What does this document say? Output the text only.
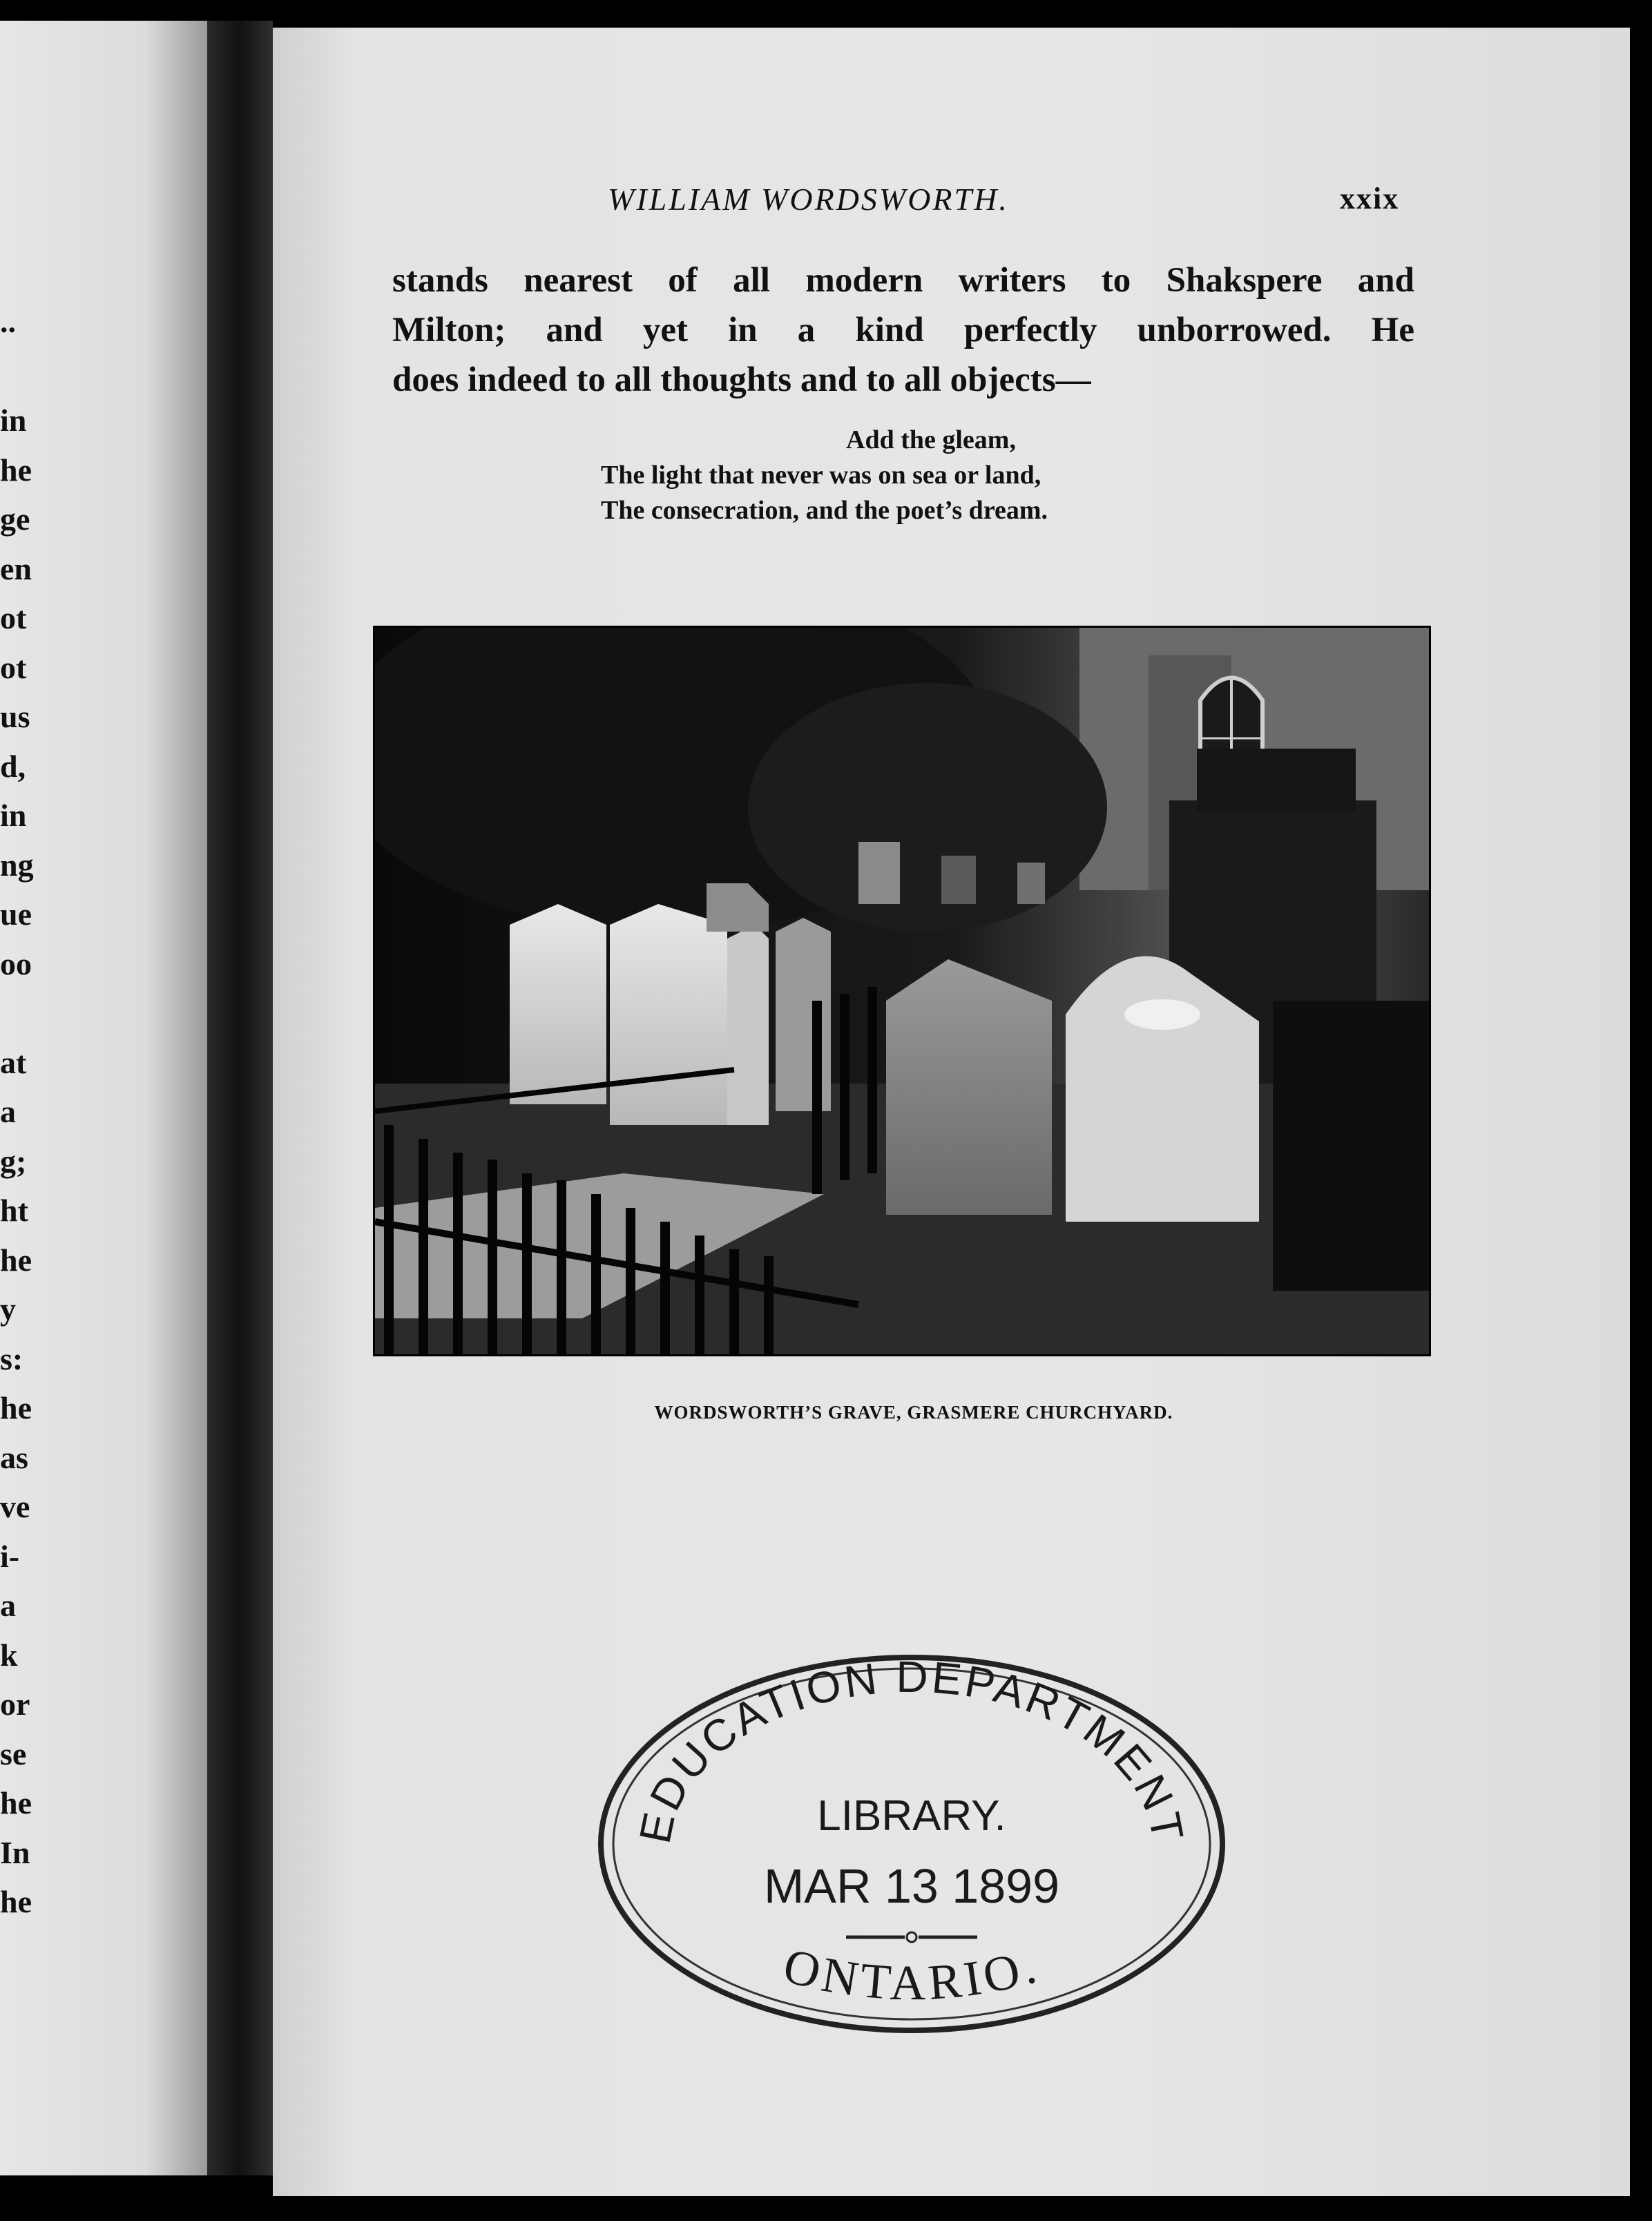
..
in
he
ge
en
ot
ot
us
d,
in
ng
ue
oo
at
a
g;
ht
he
y
s:
he
as
ve
i-
a
k
or
se
he
In
he
WILLIAM WORDSWORTH.	xxix
stands nearest of all modern writers to Shakspere and
Milton; and yet in a kind perfectly unborrowed. He
does indeed to all thoughts and to all objects—
Add the gleam,
The light that never was on sea or land,
The consecration, and the poet’s dream.
WORDSWORTH’S GRAVE, GRASMERE CHURCHYARD.
EDUCATION DEPARTMENT
LIBRARY.
MAR 13 1899
ONTARIO.
